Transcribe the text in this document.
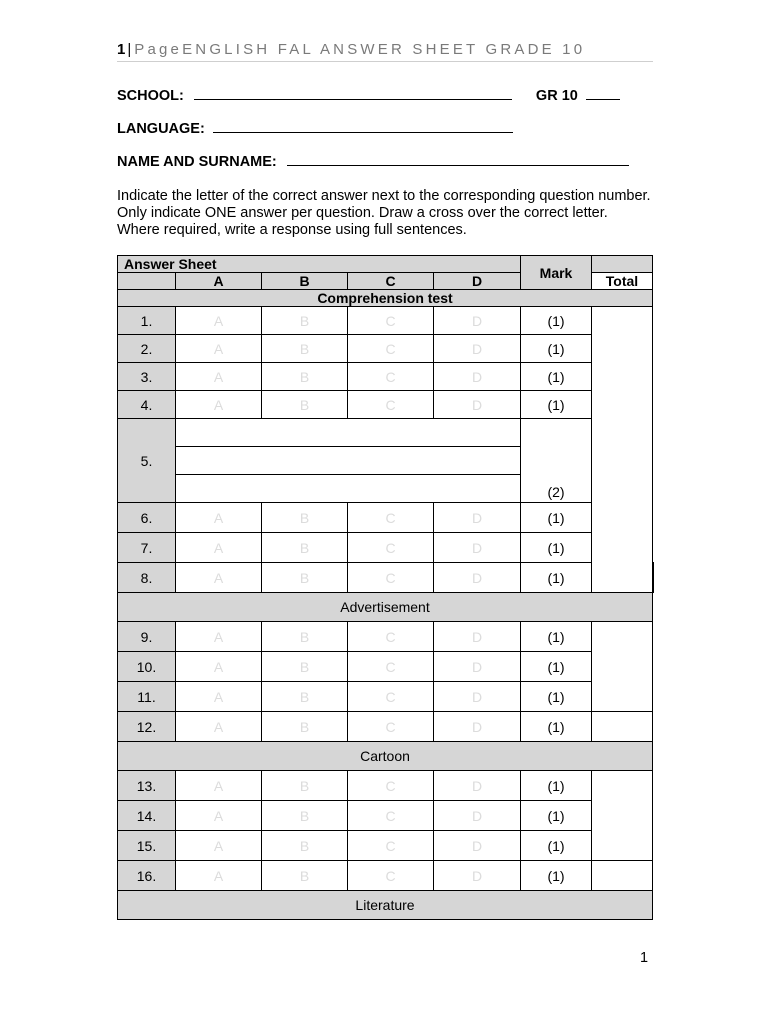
1 | PageENGLISH FAL ANSWER SHEET GRADE 10
SCHOOL:	GR 10
LANGUAGE:
NAME AND SURNAME:
Indicate the letter of the correct answer next to the corresponding question number. Only indicate ONE answer per question. Draw a cross over the correct letter. Where required, write a response using full sentences.
Answer Sheet					Mark		
	A	B	C	D		Total	
Comprehension test							
1.	A	B	C	D	(1)		
2.	A	B	C	D	(1)		
3.	A	B	C	D	(1)		
4.	A	B	C	D	(1)		
5.					(2)		

6.	A	B	C	D	(1)		
7.	A	B	C	D	(1)		
8.	A	B	C	D	(1)		
Advertisement							
9.	A	B	C	D	(1)		
10.	A	B	C	D	(1)		
11.	A	B	C	D	(1)		
12.	A	B	C	D	(1)		
Cartoon							
13.	A	B	C	D	(1)		
14.	A	B	C	D	(1)		
15.	A	B	C	D	(1)		
16.	A	B	C	D	(1)		
Literature							
1
